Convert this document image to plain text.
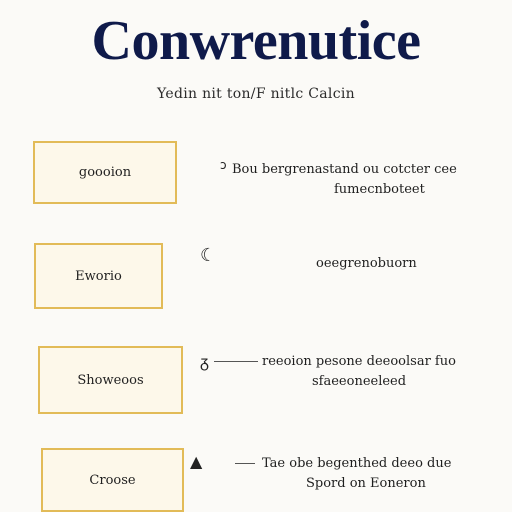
Conwrenutice
Yedin nit ton/F nitlc Calcin
goooion	ↄ Bou bergrenastand ou cotcter cee
fumecnboteet
Eworio
☾	oeegrenobuorn
Showeoos
ᵹ	reeoion pesone deeoolsar fuo
sfaeeoneeleed
Croose
▲	Tae obe begenthed deeo due
Spord on Eoneron
